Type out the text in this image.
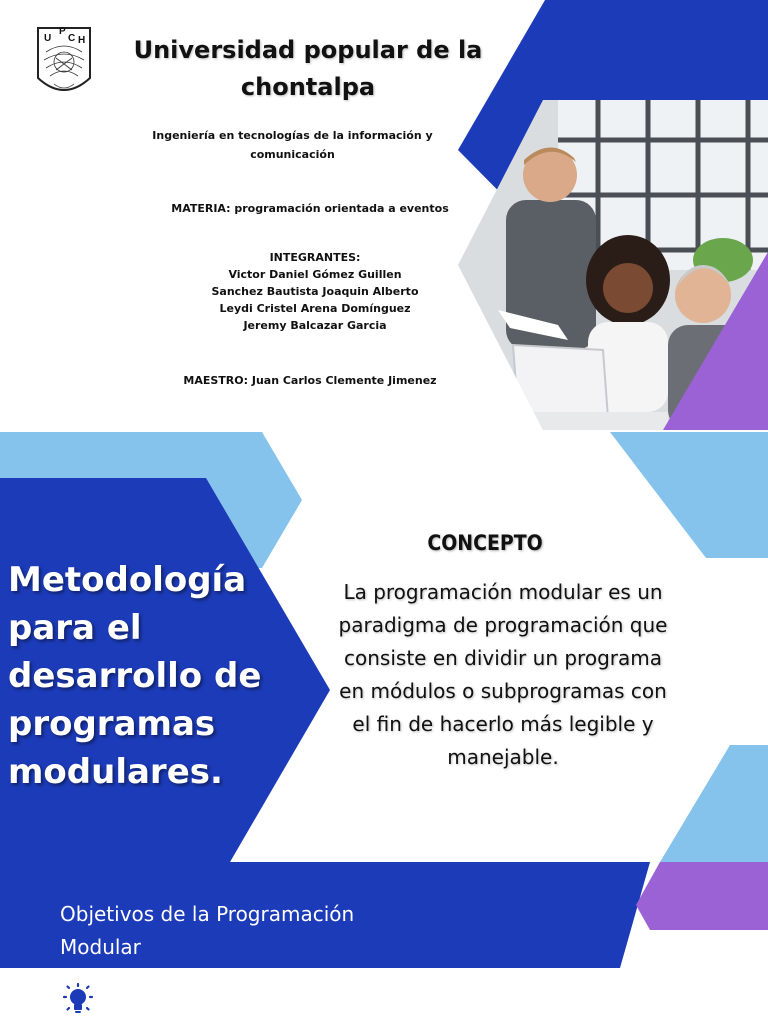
U
P
C H	Universidad popular de la chontalpa
Ingeniería en tecnologías de la información y comunicación
MATERIA: programación orientada a eventos
INTEGRANTES:
Victor Daniel Gómez Guillen
Sanchez Bautista Joaquin Alberto
Leydi Cristel Arena Domínguez
Jeremy Balcazar Garcia
MAESTRO: Juan Carlos Clemente Jimenez
Metodología para el desarrollo de programas modulares.
CONCEPTO
La programación modular es un paradigma de programación que consiste en dividir un programa en módulos o subprogramas con el fin de hacerlo más legible y manejable.
Objetivos de la Programación Modular
